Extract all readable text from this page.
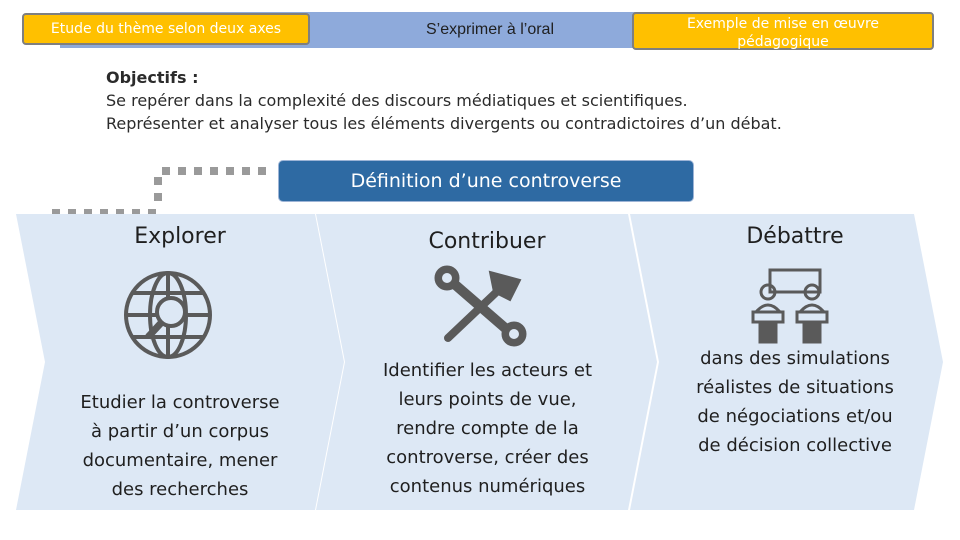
Etude du thème selon deux axes	S’exprimer à l’oral	Exemple de mise en œuvre
pédagogique
Objectifs :
Se repérer dans la complexité des discours médiatiques et scientifiques.
Représenter et analyser tous les éléments divergents ou contradictoires d’un débat.
Définition d’une controverse
Explorer	Contribuer	Débattre
Etudier la controverse
à partir d’un corpus
documentaire, mener
des recherches
Identifier les acteurs et
leurs points de vue,
rendre compte de la
controverse, créer des
contenus numériques
dans des simulations
réalistes de situations
de négociations et/ou
de décision collective
